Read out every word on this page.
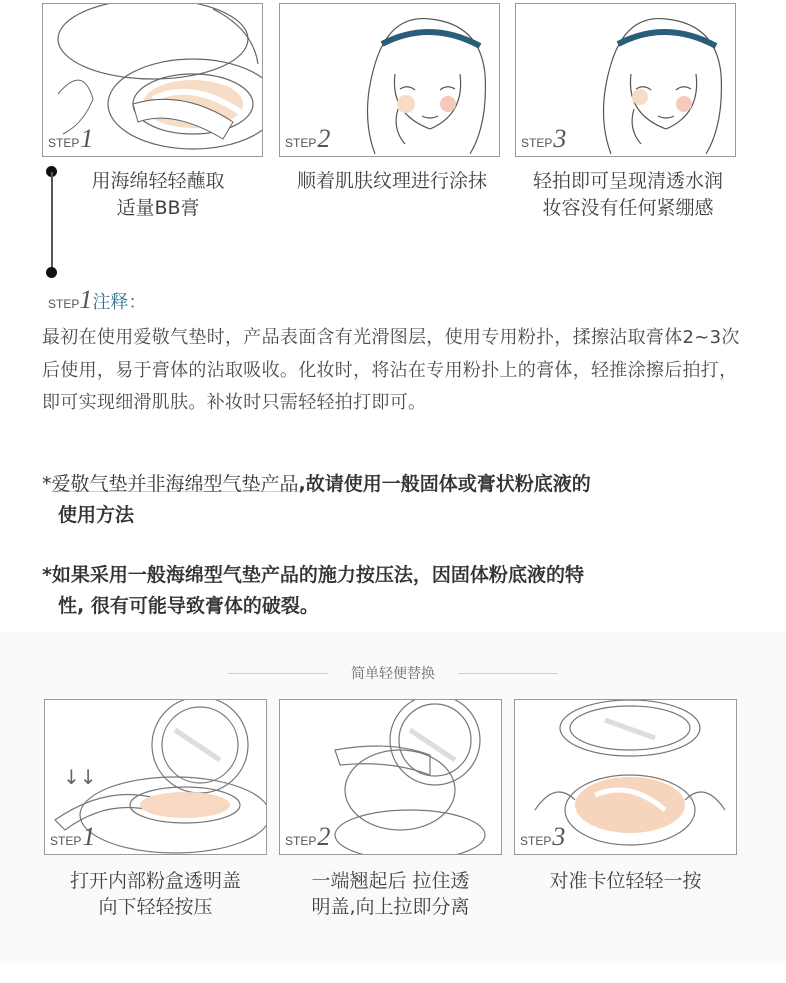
STEP1	STEP2	STEP3
用海绵轻轻蘸取
适量BB膏
顺着肌肤纹理进行涂抹	轻拍即可呈现清透水润
妆容没有任何紧绷感
STEP1注释：
最初在使用爱敬气垫时，产品表面含有光滑图层，使用专用粉扑，揉擦沾取膏体2~3次后使用，易于膏体的沾取吸收。化妆时，将沾在专用粉扑上的膏体，轻推涂擦后拍打，即可实现细滑肌肤。补妆时只需轻轻拍打即可。
*爱敬气垫并非海绵型气垫产品,故请使用一般固体或膏状粉底液的
使用方法
*如果采用一般海绵型气垫产品的施力按压法，因固体粉底液的特
性, 很有可能导致膏体的破裂。
简单轻便替换
↓↓
STEP1	STEP2	STEP3
打开内部粉盒透明盖
向下轻轻按压
一端翘起后 拉住透
明盖,向上拉即分离
对准卡位轻轻一按
